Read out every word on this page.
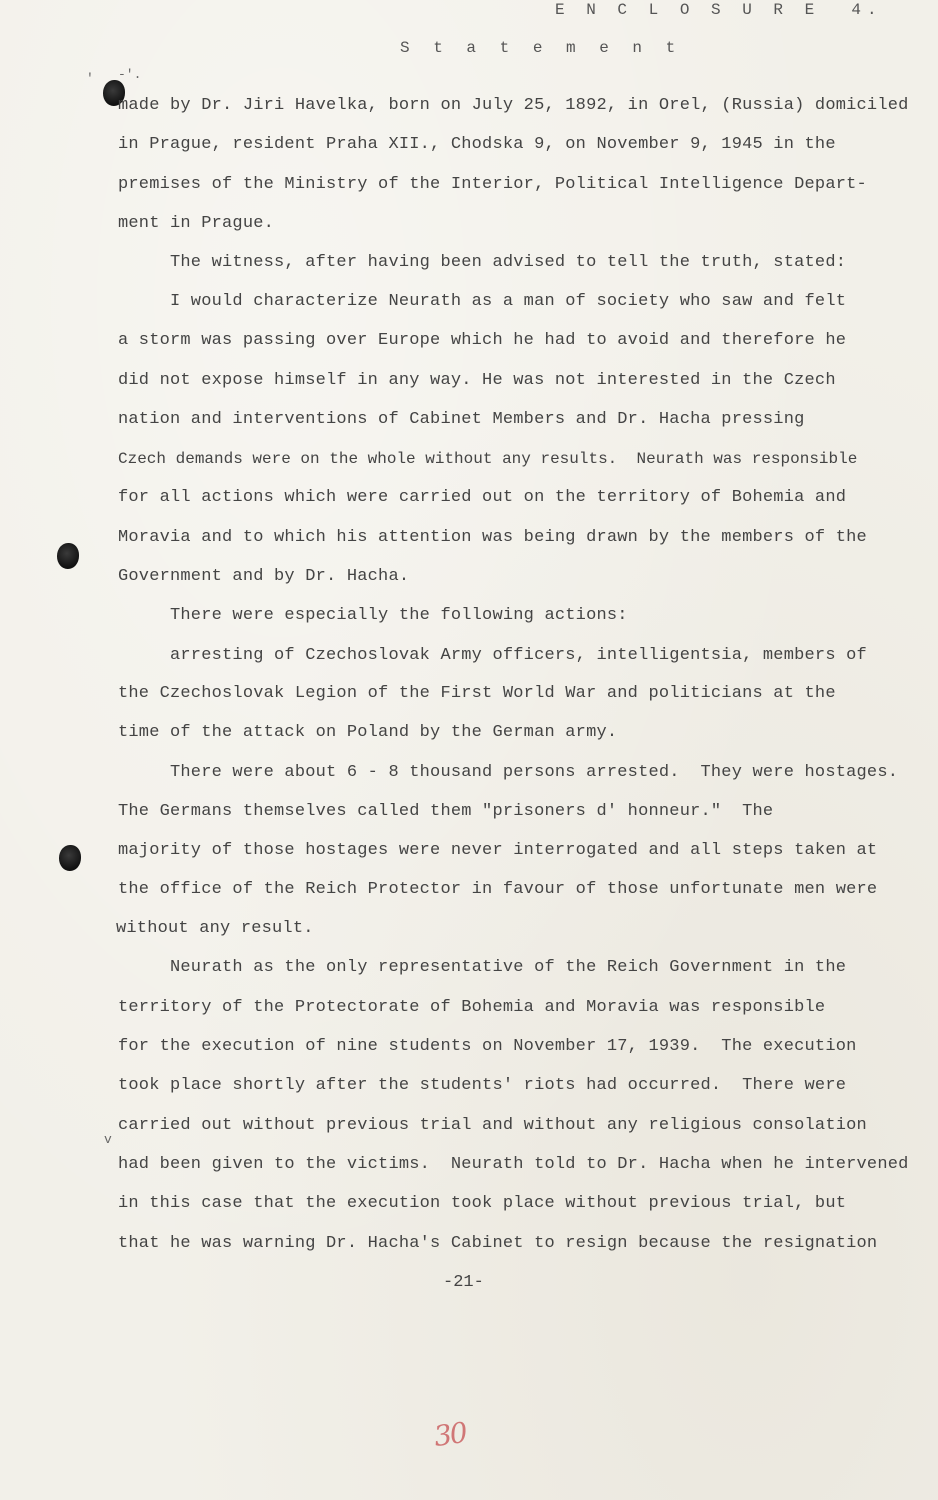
E N C L O S U R E  4.
S t a t e m e n t
' -'.
v
made by Dr. Jiri Havelka, born on July 25, 1892, in Orel, (Russia) domiciled
in Prague, resident Praha XII., Chodska 9, on November 9, 1945 in the
premises of the Ministry of the Interior, Political Intelligence Depart-
ment in Prague.
The witness, after having been advised to tell the truth, stated:
I would characterize Neurath as a man of society who saw and felt
a storm was passing over Europe which he had to avoid and therefore he
did not expose himself in any way. He was not interested in the Czech
nation and interventions of Cabinet Members and Dr. Hacha pressing
Czech demands were on the whole without any results.  Neurath was responsible
for all actions which were carried out on the territory of Bohemia and
Moravia and to which his attention was being drawn by the members of the
Government and by Dr. Hacha.
There were especially the following actions:
arresting of Czechoslovak Army officers, intelligentsia, members of
the Czechoslovak Legion of the First World War and politicians at the
time of the attack on Poland by the German army.
There were about 6 - 8 thousand persons arrested.  They were hostages.
The Germans themselves called them "prisoners d' honneur."  The
majority of those hostages were never interrogated and all steps taken at
the office of the Reich Protector in favour of those unfortunate men were
without any result.
Neurath as the only representative of the Reich Government in the
territory of the Protectorate of Bohemia and Moravia was responsible
for the execution of nine students on November 17, 1939.  The execution
took place shortly after the students' riots had occurred.  There were
carried out without previous trial and without any religious consolation
had been given to the victims.  Neurath told to Dr. Hacha when he intervened
in this case that the execution took place without previous trial, but
that he was warning Dr. Hacha's Cabinet to resign because the resignation
-21-
30
